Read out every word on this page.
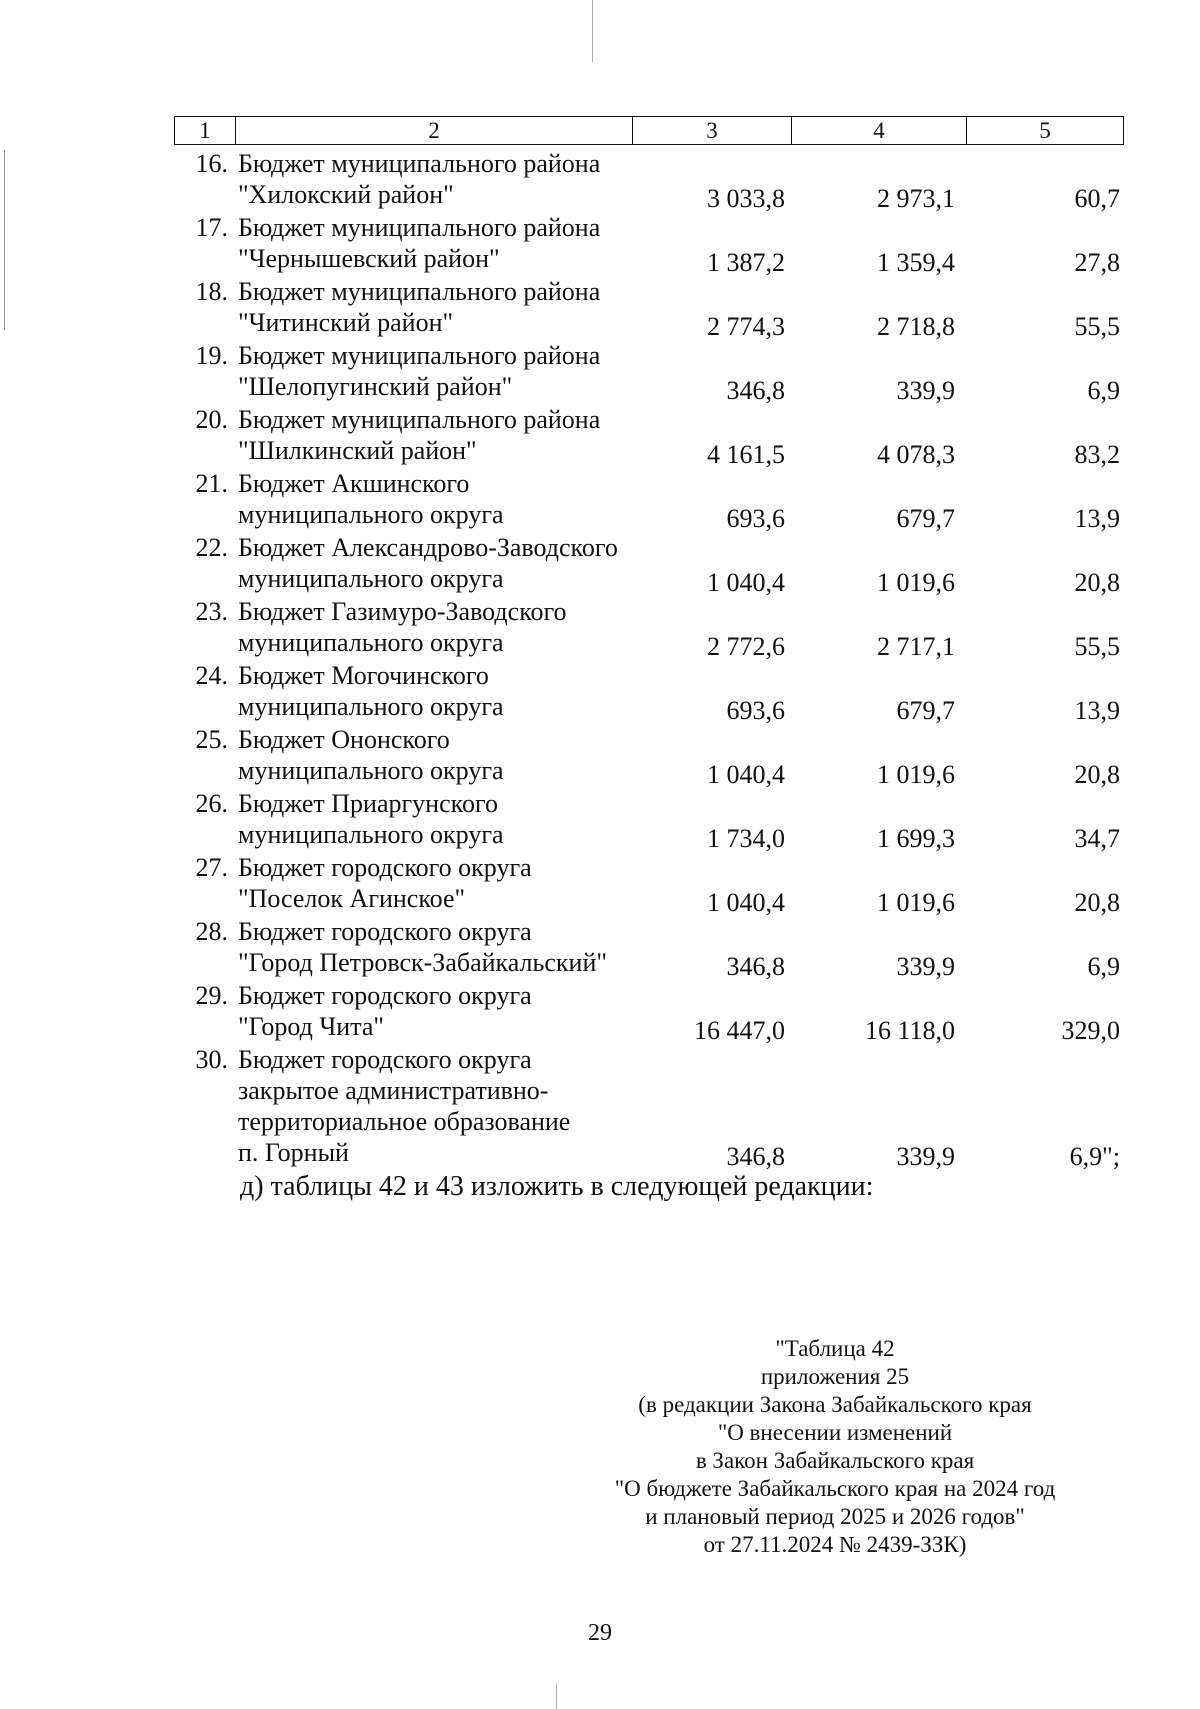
1	2	3	4	5
16. Бюджет муниципального района
"Хилокский район"	3 033,8	2 973,1	60,7
17. Бюджет муниципального района
"Чернышевский район"	1 387,2	1 359,4	27,8
18. Бюджет муниципального района
"Читинский район"	2 774,3	2 718,8	55,5
19. Бюджет муниципального района
"Шелопугинский район"	346,8	339,9	6,9
20. Бюджет муниципального района
"Шилкинский район"	4 161,5	4 078,3	83,2
21. Бюджет Акшинского
муниципального округа	693,6	679,7	13,9
22. Бюджет Александрово-Заводского
муниципального округа	1 040,4	1 019,6	20,8
23. Бюджет Газимуро-Заводского
муниципального округа	2 772,6	2 717,1	55,5
24. Бюджет Могочинского
муниципального округа	693,6	679,7	13,9
25. Бюджет Ононского
муниципального округа	1 040,4	1 019,6	20,8
26. Бюджет Приаргунского
муниципального округа	1 734,0	1 699,3	34,7
27. Бюджет городского округа
"Поселок Агинское"	1 040,4	1 019,6	20,8
28. Бюджет городского округа
"Город Петровск-Забайкальский"	346,8	339,9	6,9
29. Бюджет городского округа
"Город Чита"	16 447,0	16 118,0	329,0
30. Бюджет городского округа
закрытое административно-
территориальное образование
п. Горный	346,8	339,9	6,9";
д) таблицы 42 и 43 изложить в следующей редакции:
"Таблица 42
приложения 25
(в редакции Закона Забайкальского края
"О внесении изменений
в Закон Забайкальского края
"О бюджете Забайкальского края на 2024 год
и плановый период 2025 и 2026 годов"
от 27.11.2024 № 2439-ЗЗК)
29
